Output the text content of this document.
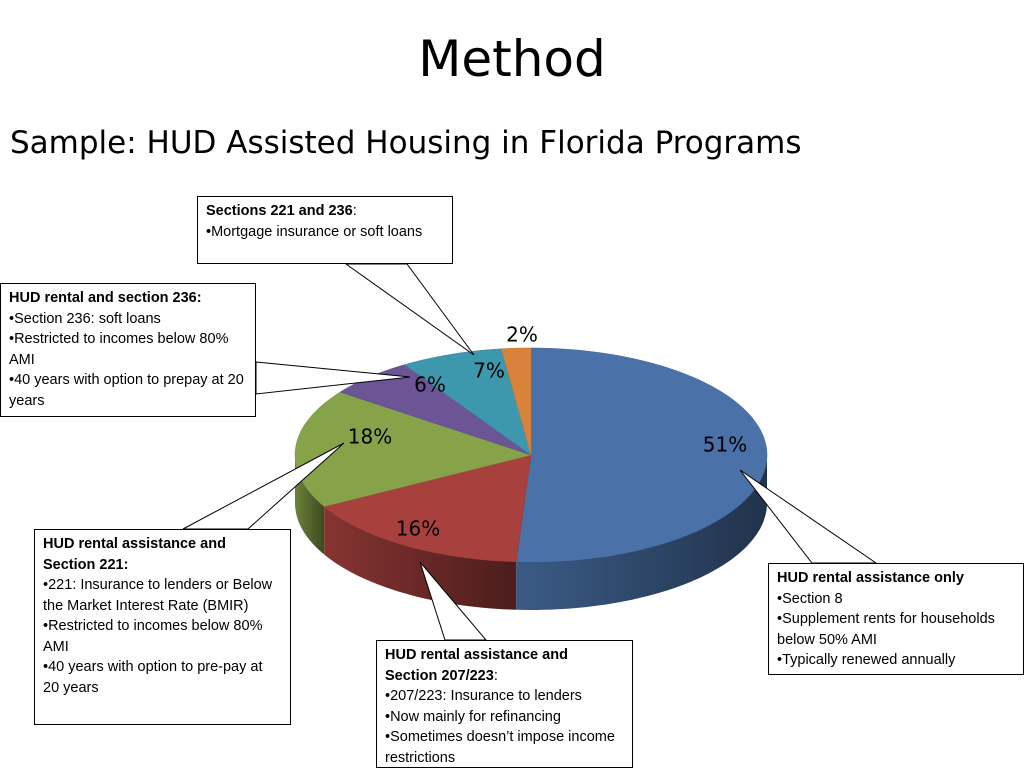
Method
Sample: HUD Assisted Housing in Florida Programs
51%
16%
18%
6%
7%
2%
Sections 221 and 236:
• Mortgage insurance or soft loans
HUD rental and section 236:
• Section 236: soft loans
• Restricted to incomes below 80% AMI
• 40 years with option to prepay at 20 years
HUD rental assistance and Section 221:
• 221: Insurance to lenders or Below the Market Interest Rate (BMIR)
• Restricted to incomes below 80% AMI
• 40 years with option to pre-pay at 20 years
HUD rental assistance and Section 207/223:
• 207/223: Insurance to lenders
• Now mainly for refinancing
• Sometimes doesn’t impose income restrictions
HUD rental assistance only
• Section 8
• Supplement rents for households below 50% AMI
• Typically renewed annually
